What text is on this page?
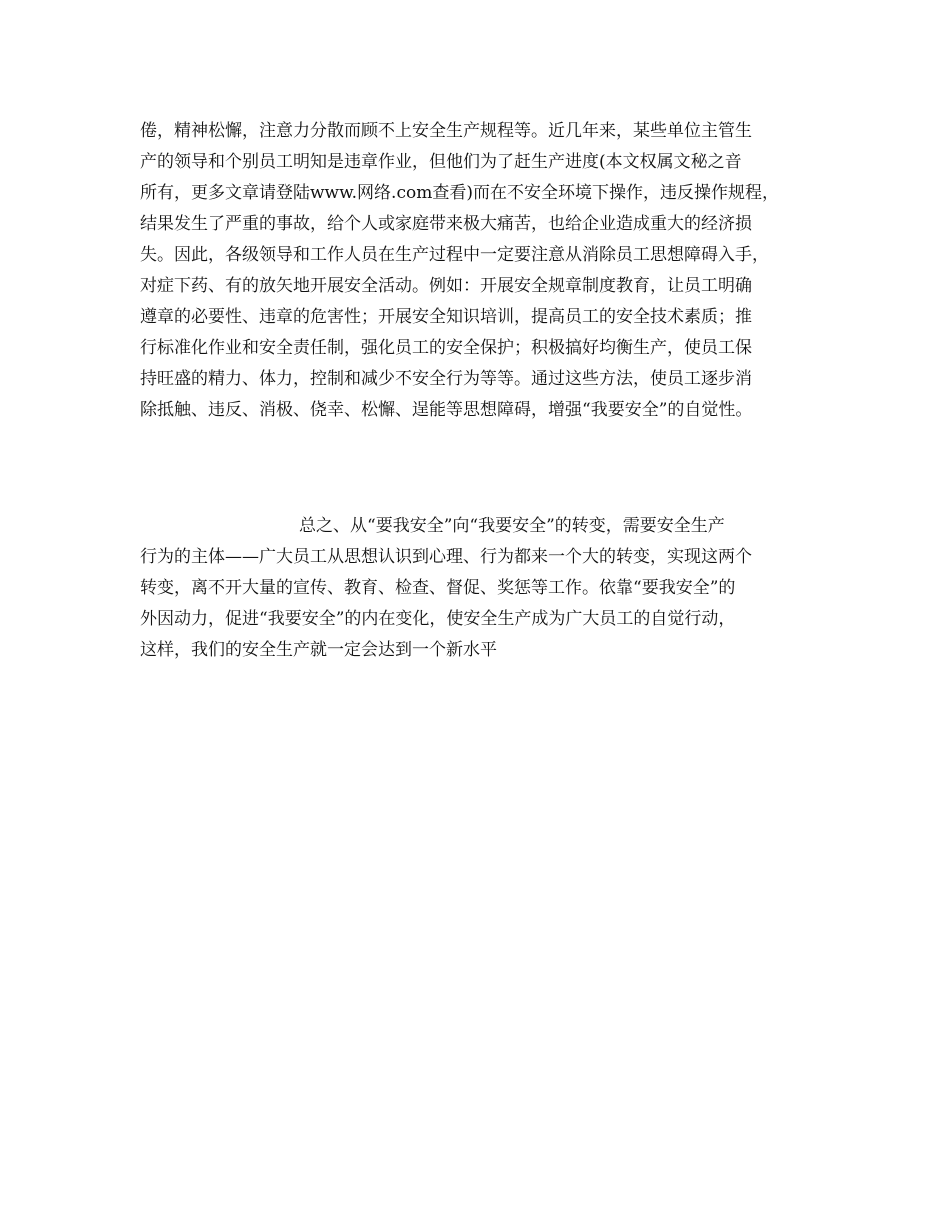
倦，精神松懈，注意力分散而顾不上安全生产规程等。近几年来，某些单位主管生
产的领导和个别员工明知是违章作业，但他们为了赶生产进度(本文权属文秘之音
所有，更多文章请登陆www.网络.com查看)而在不安全环境下操作，违反操作规程，
结果发生了严重的事故，给个人或家庭带来极大痛苦，也给企业造成重大的经济损
失。因此，各级领导和工作人员在生产过程中一定要注意从消除员工思想障碍入手，
对症下药、有的放矢地开展安全活动。例如：开展安全规章制度教育，让员工明确
遵章的必要性、违章的危害性；开展安全知识培训，提高员工的安全技术素质；推
行标准化作业和安全责任制，强化员工的安全保护；积极搞好均衡生产，使员工保
持旺盛的精力、体力，控制和减少不安全行为等等。通过这些方法，使员工逐步消
除抵触、违反、消极、侥幸、松懈、逞能等思想障碍，增强“我要安全”的自觉性。
总之、从“要我安全”向“我要安全”的转变，需要安全生产
行为的主体——广大员工从思想认识到心理、行为都来一个大的转变，实现这两个
转变，离不开大量的宣传、教育、检查、督促、奖惩等工作。依靠“要我安全”的
外因动力，促进“我要安全”的内在变化，使安全生产成为广大员工的自觉行动，
这样，我们的安全生产就一定会达到一个新水平
